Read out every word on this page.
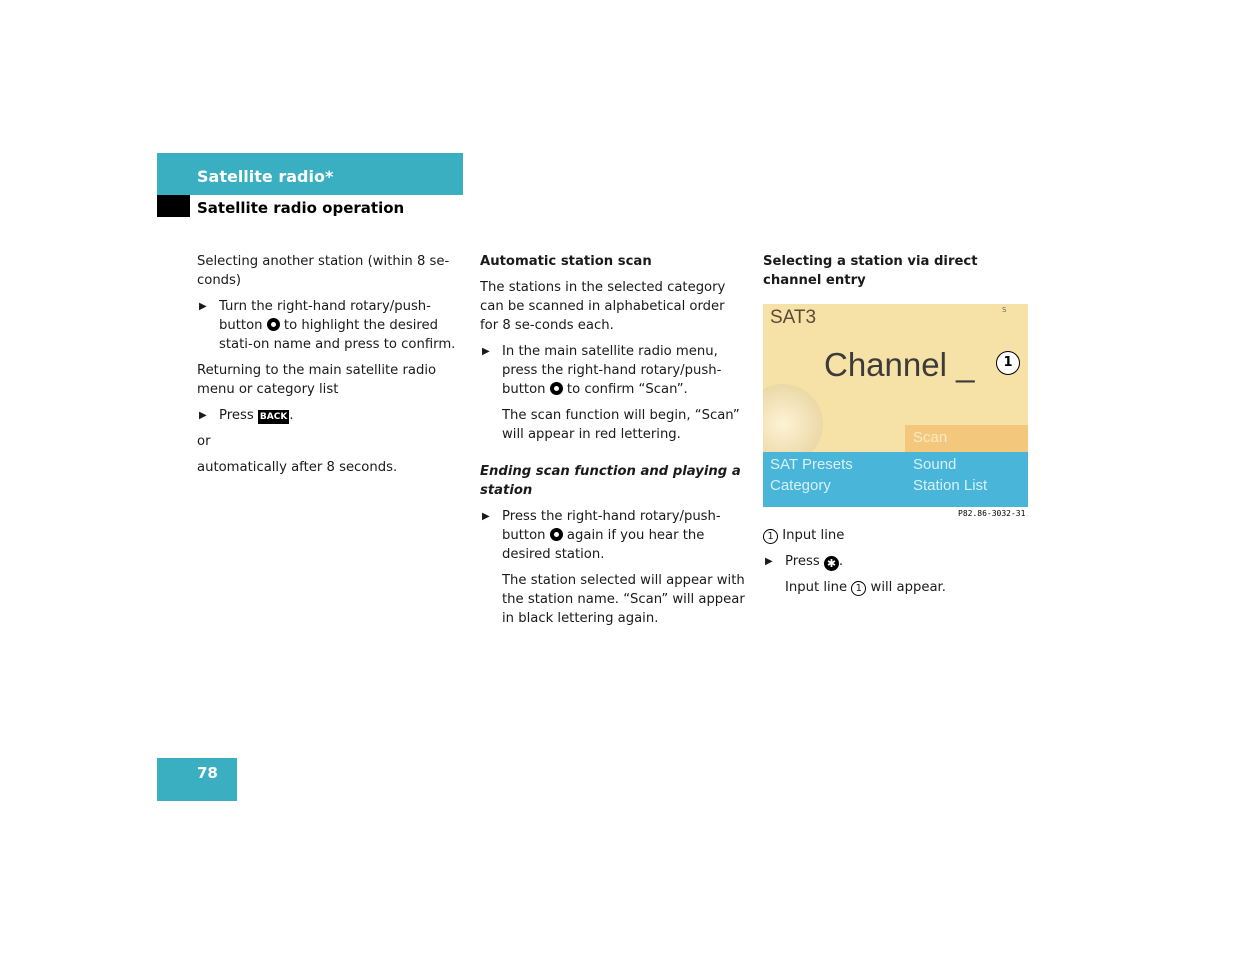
Satellite radio*
Satellite radio operation

Selecting another station (within 8 se-conds)

▶ Turn the right-hand rotary/push-button to highlight the desired stati-on name and press to confirm.

Returning to the main satellite radio menu or category list

▶ Press BACK .

or

automatically after 8 seconds.

Automatic station scan

The stations in the selected category can be scanned in alphabetical order for 8 se-conds each.

▶ In the main satellite radio menu, press the right-hand rotary/push-button to confirm “Scan”.

The scan function will begin, “Scan” will appear in red lettering.

Ending scan function and playing a station
▶ Press the right-hand rotary/push-button again if you hear the desired station.

The station selected will appear with the station name. “Scan” will appear in black lettering again.

Selecting a station via direct channel entry
SAT3	S
Channel _	1
Scan
SAT Presets
Category
Sound
Station List
P82.86-3032-31

1 Input line

▶ Press ✱ .

Input line 1 will appear.

78
